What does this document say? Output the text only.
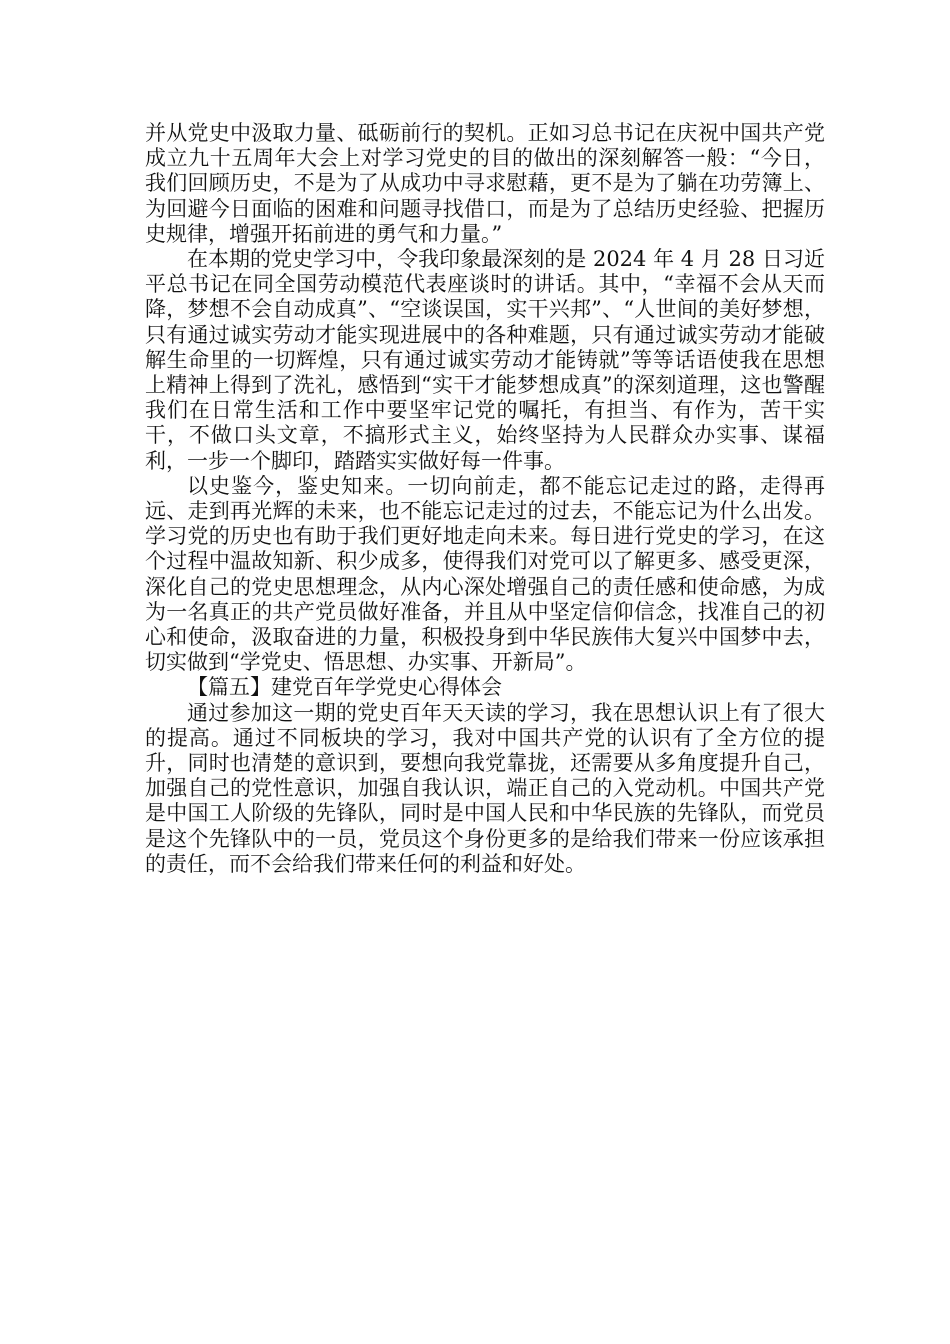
并从党史中汲取力量、砥砺前行的契机。正如习总书记在庆祝中国共产党成立九十五周年大会上对学习党史的目的做出的深刻解答一般：“今日，我们回顾历史，不是为了从成功中寻求慰藉，更不是为了躺在功劳簿上、为回避今日面临的困难和问题寻找借口，而是为了总结历史经验、把握历史规律，增强开拓前进的勇气和力量。”

在本期的党史学习中，令我印象最深刻的是 2024 年 4 月 28 日习近平总书记在同全国劳动模范代表座谈时的讲话。其中，“幸福不会从天而降，梦想不会自动成真”、“空谈误国，实干兴邦”、“人世间的美好梦想，只有通过诚实劳动才能实现进展中的各种难题，只有通过诚实劳动才能破解生命里的一切辉煌，只有通过诚实劳动才能铸就”等等话语使我在思想上精神上得到了洗礼，感悟到“实干才能梦想成真”的深刻道理，这也警醒我们在日常生活和工作中要坚牢记党的嘱托，有担当、有作为，苦干实干，不做口头文章，不搞形式主义，始终坚持为人民群众办实事、谋福利，一步一个脚印，踏踏实实做好每一件事。

以史鉴今，鉴史知来。一切向前走，都不能忘记走过的路，走得再远、走到再光辉的未来，也不能忘记走过的过去，不能忘记为什么出发。学习党的历史也有助于我们更好地走向未来。每日进行党史的学习，在这个过程中温故知新、积少成多，使得我们对党可以了解更多、感受更深，深化自己的党史思想理念，从内心深处增强自己的责任感和使命感，为成为一名真正的共产党员做好准备，并且从中坚定信仰信念，找准自己的初心和使命，汲取奋进的力量，积极投身到中华民族伟大复兴中国梦中去，切实做到“学党史、悟思想、办实事、开新局”。

【篇五】建党百年学党史心得体会

通过参加这一期的党史百年天天读的学习，我在思想认识上有了很大的提高。通过不同板块的学习，我对中国共产党的认识有了全方位的提升，同时也清楚的意识到，要想向我党靠拢，还需要从多角度提升自己，加强自己的党性意识，加强自我认识，端正自己的入党动机。中国共产党是中国工人阶级的先锋队，同时是中国人民和中华民族的先锋队，而党员是这个先锋队中的一员，党员这个身份更多的是给我们带来一份应该承担的责任，而不会给我们带来任何的利益和好处。
